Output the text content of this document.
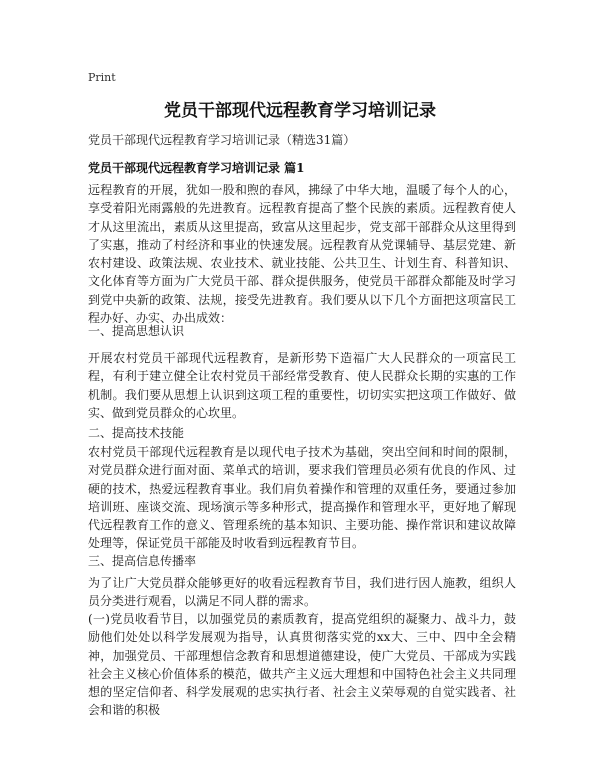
Print
党员干部现代远程教育学习培训记录
党员干部现代远程教育学习培训记录（精选31篇）
党员干部现代远程教育学习培训记录 篇1

远程教育的开展，犹如一股和煦的春风，拂绿了中华大地，温暖了每个人的心，享受着阳光雨露般的先进教育。远程教育提高了整个民族的素质。远程教育使人才从这里流出，素质从这里提高，致富从这里起步，党支部干部群众从这里得到了实惠，推动了村经济和事业的快速发展。远程教育从党课辅导、基层党建、新农村建设、政策法规、农业技术、就业技能、公共卫生、计划生育、科普知识、文化体育等方面为广大党员干部、群众提供服务，使党员干部群众都能及时学习到党中央新的政策、法规，接受先进教育。我们要从以下几个方面把这项富民工程办好、办实、办出成效：

一、提高思想认识

开展农村党员干部现代远程教育，是新形势下造福广大人民群众的一项富民工程，有利于建立健全让农村党员干部经常受教育、使人民群众长期的实惠的工作机制。我们要从思想上认识到这项工程的重要性，切切实实把这项工作做好、做实、做到党员群众的心坎里。

二、提高技术技能

农村党员干部现代远程教育是以现代电子技术为基础，突出空间和时间的限制，对党员群众进行面对面、菜单式的培训，要求我们管理员必须有优良的作风、过硬的技术，热爱远程教育事业。我们肩负着操作和管理的双重任务，要通过参加培训班、座谈交流、现场演示等多种形式，提高操作和管理水平，更好地了解现代远程教育工作的意义、管理系统的基本知识、主要功能、操作常识和建议故障处理等，保证党员干部能及时收看到远程教育节目。

三、提高信息传播率

为了让广大党员群众能够更好的收看远程教育节目，我们进行因人施教，组织人员分类进行观看，以满足不同人群的需求。

(一)党员收看节目，以加强党员的素质教育，提高党组织的凝聚力、战斗力，鼓励他们处处以科学发展观为指导，认真贯彻落实党的xx大、三中、四中全会精神，加强党员、干部理想信念教育和思想道德建设，使广大党员、干部成为实践社会主义核心价值体系的模范，做共产主义远大理想和中国特色社会主义共同理想的坚定信仰者、科学发展观的忠实执行者、社会主义荣辱观的自觉实践者、社会和谐的积极
